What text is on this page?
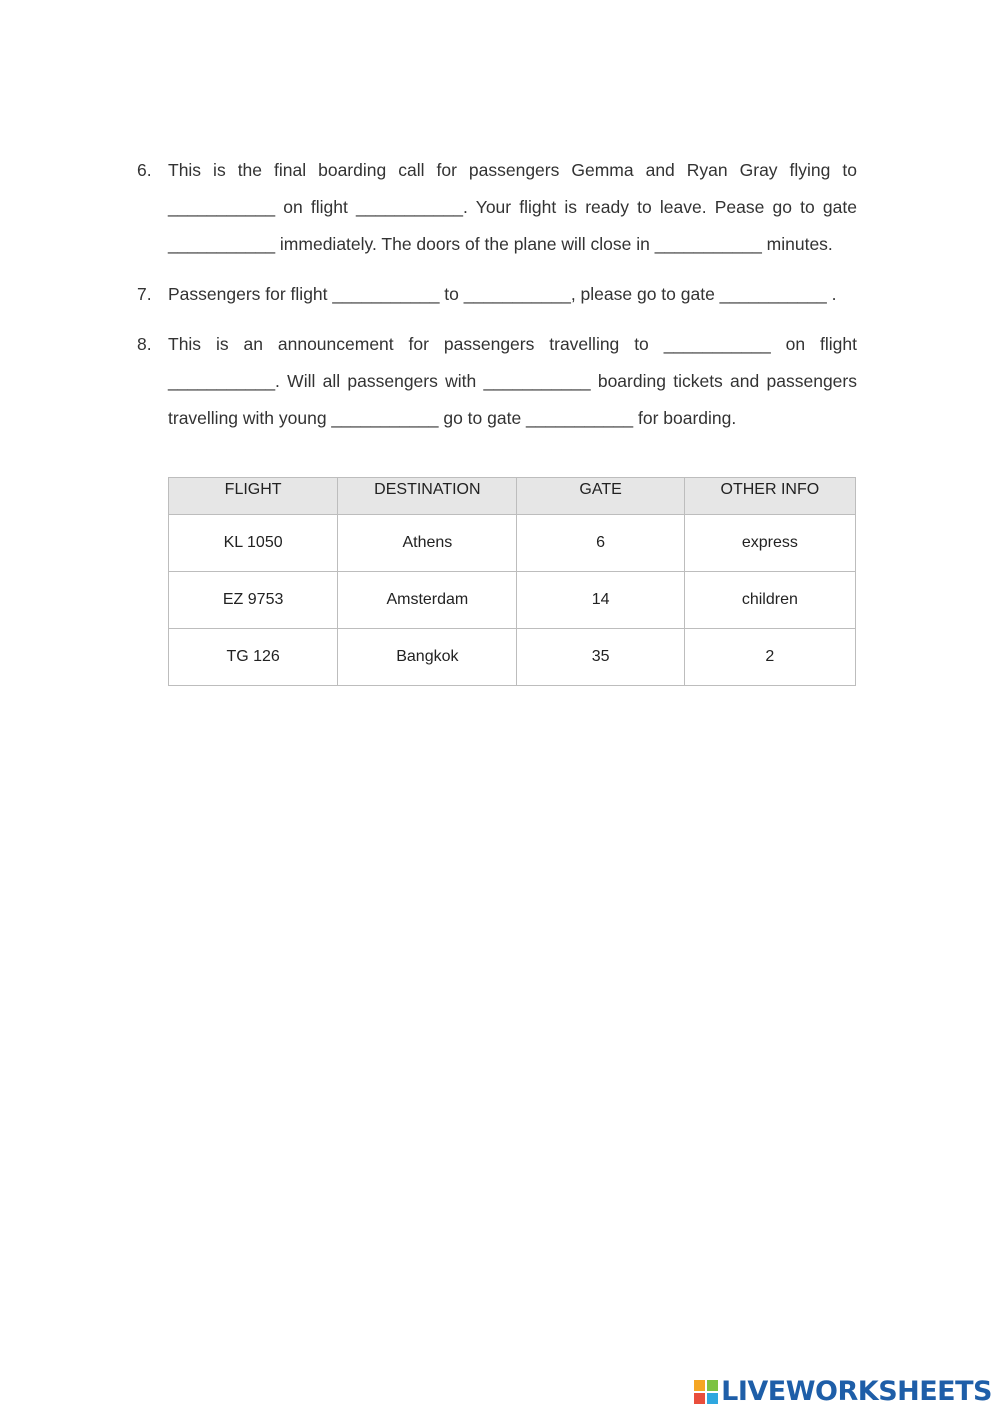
6. This is the final boarding call for passengers Gemma and Ryan Gray flying to ___________ on flight ___________. Your flight is ready to leave. Pease go to gate ___________ immediately. The doors of the plane will close in ___________ minutes.
7. Passengers for flight ___________ to ___________, please go to gate ___________ .
8. This is an announcement for passengers travelling to ___________ on flight ___________. Will all passengers with ___________ boarding tickets and passengers travelling with young ___________ go to gate ___________ for boarding.
FLIGHT	DESTINATION	GATE	OTHER INFO
KL 1050	Athens	6	express
EZ 9753	Amsterdam	14	children
TG 126	Bangkok	35	2
LIVEWORKSHEETS
